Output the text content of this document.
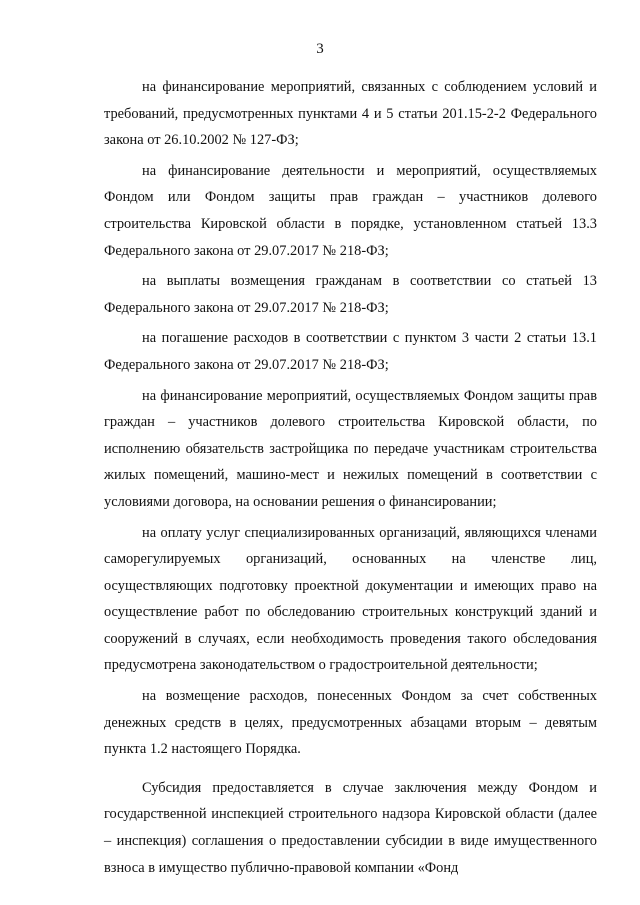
3

на финансирование мероприятий, связанных с соблюдением условий и требований, предусмотренных пунктами 4 и 5 статьи 201.15-2-2 Федерального закона от 26.10.2002 № 127-ФЗ;

на финансирование деятельности и мероприятий, осуществляемых Фондом или Фондом защиты прав граждан – участников долевого строительства Кировской области в порядке, установленном статьей 13.3 Федерального закона от 29.07.2017 № 218-ФЗ;

на выплаты возмещения гражданам в соответствии со статьей 13 Федерального закона от 29.07.2017 № 218-ФЗ;

на погашение расходов в соответствии с пунктом 3 части 2 статьи 13.1 Федерального закона от 29.07.2017 № 218-ФЗ;

на финансирование мероприятий, осуществляемых Фондом защиты прав граждан – участников долевого строительства Кировской области, по исполнению обязательств застройщика по передаче участникам строительства жилых помещений, машино-мест и нежилых помещений в соответствии с условиями договора, на основании решения о финансировании;

на оплату услуг специализированных организаций, являющихся членами саморегулируемых организаций, основанных на членстве лиц, осуществляющих подготовку проектной документации и имеющих право на осуществление работ по обследованию строительных конструкций зданий и сооружений в случаях, если необходимость проведения такого обследования предусмотрена законодательством о градостроительной деятельности;

на возмещение расходов, понесенных Фондом за счет собственных денежных средств в целях, предусмотренных абзацами вторым – девятым пункта 1.2 настоящего Порядка.

Субсидия предоставляется в случае заключения между Фондом и государственной инспекцией строительного надзора Кировской области (далее – инспекция) соглашения о предоставлении субсидии в виде имущественного взноса в имущество публично-правовой компании «Фонд
